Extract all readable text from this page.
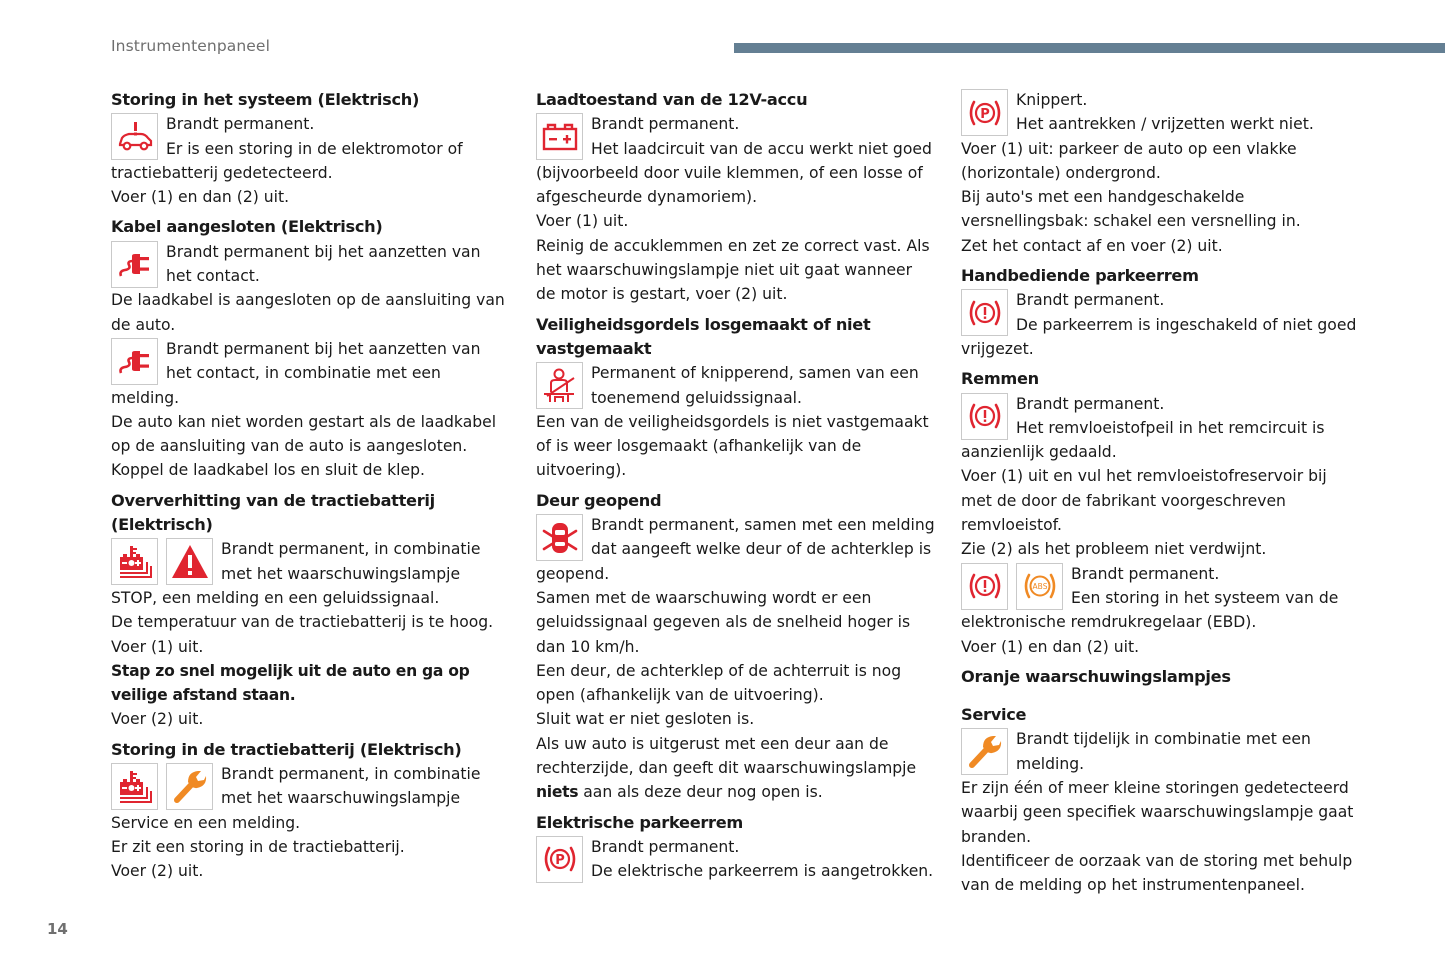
Instrumentenpaneel
Storing in het systeem (Elektrisch)
Brandt permanent.
Er is een storing in de elektromotor of tractiebatterij gedetecteerd.
Voer (1) en dan (2) uit.
Kabel aangesloten (Elektrisch)
Brandt permanent bij het aanzetten van het contact.
De laadkabel is aangesloten op de aansluiting van de auto.
Brandt permanent bij het aanzetten van het contact, in combinatie met een melding.
De auto kan niet worden gestart als de laadkabel op de aansluiting van de auto is aangesloten.
Koppel de laadkabel los en sluit de klep.
Oververhitting van de tractiebatterij (Elektrisch)
Brandt permanent, in combinatie met het waarschuwingslampje STOP, een melding en een geluidssignaal.
De temperatuur van de tractiebatterij is te hoog.
Voer (1) uit.
Stap zo snel mogelijk uit de auto en ga op veilige afstand staan.
Voer (2) uit.
Storing in de tractiebatterij (Elektrisch)
Brandt permanent, in combinatie met het waarschuwingslampje Service en een melding.
Er zit een storing in de tractiebatterij.
Voer (2) uit.
Laadtoestand van de 12V-accu
Brandt permanent.
Het laadcircuit van de accu werkt niet goed (bijvoorbeeld door vuile klemmen, of een losse of afgescheurde dynamoriem).
Voer (1) uit.
Reinig de accuklemmen en zet ze correct vast. Als het waarschuwingslampje niet uit gaat wanneer de motor is gestart, voer (2) uit.
Veiligheidsgordels losgemaakt of niet vastgemaakt
Permanent of knipperend, samen van een toenemend geluidssignaal.
Een van de veiligheidsgordels is niet vastgemaakt of is weer losgemaakt (afhankelijk van de uitvoering).
Deur geopend
Brandt permanent, samen met een melding dat aangeeft welke deur of de achterklep is geopend.
Samen met de waarschuwing wordt er een geluidssignaal gegeven als de snelheid hoger is dan 10 km/h.
Een deur, de achterklep of de achterruit is nog open (afhankelijk van de uitvoering).
Sluit wat er niet gesloten is.
Als uw auto is uitgerust met een deur aan de rechterzijde, dan geeft dit waarschuwingslampje
niets aan als deze deur nog open is.
Elektrische parkeerrem
P
Brandt permanent.
De elektrische parkeerrem is aangetrokken.
P
Knippert.
Het aantrekken / vrijzetten werkt niet.
Voer (1) uit: parkeer de auto op een vlakke (horizontale) ondergrond.
Bij auto's met een handgeschakelde versnellingsbak: schakel een versnelling in.
Zet het contact af en voer (2) uit.
Handbediende parkeerrem
Brandt permanent.
De parkeerrem is ingeschakeld of niet goed vrijgezet.
Remmen
Brandt permanent.
Het remvloeistofpeil in het remcircuit is aanzienlijk gedaald.
Voer (1) uit en vul het remvloeistofreservoir bij met de door de fabrikant voorgeschreven remvloeistof.
Zie (2) als het probleem niet verdwijnt.
ABS
Brandt permanent.
Een storing in het systeem van de elektronische remdrukregelaar (EBD).
Voer (1) en dan (2) uit.
Oranje waarschuwingslampjes
Service
Brandt tijdelijk in combinatie met een melding.
Er zijn één of meer kleine storingen gedetecteerd waarbij geen specifiek waarschuwingslampje gaat branden.
Identificeer de oorzaak van de storing met behulp van de melding op het instrumentenpaneel.
14
